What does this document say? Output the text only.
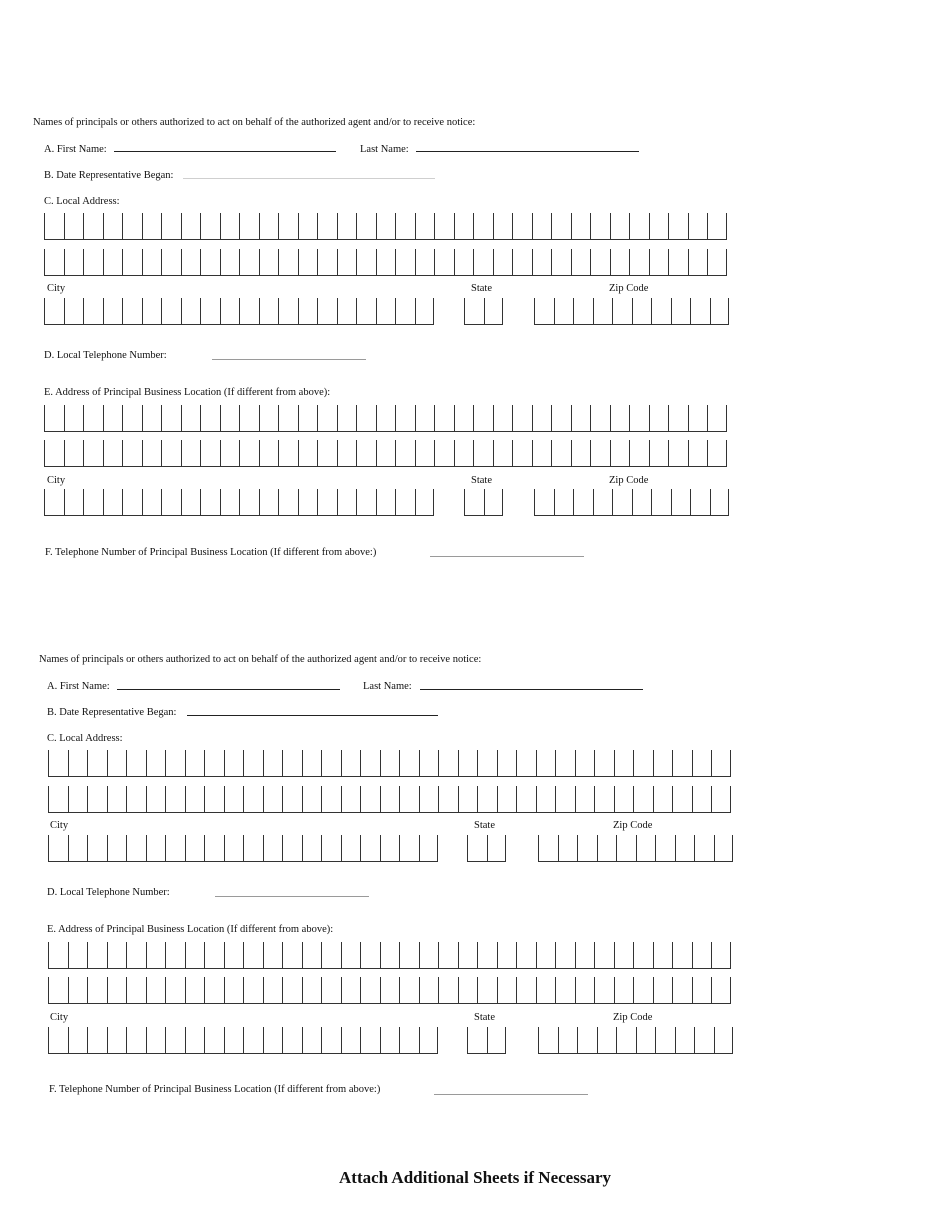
Names of principals or others authorized to act on behalf of the authorized agent and/or to receive notice:
A. First Name:	Last Name:
B. Date Representative Began:
C. Local Address:
City	State	Zip Code
D. Local Telephone Number:
E. Address of Principal Business Location (If different from above):
City	State	Zip Code
F. Telephone Number of Principal Business Location (If different from above:)
Names of principals or others authorized to act on behalf of the authorized agent and/or to receive notice:
A. First Name:	Last Name:
B. Date Representative Began:
C. Local Address:
City	State	Zip Code
D. Local Telephone Number:
E. Address of Principal Business Location (If different from above):
City	State	Zip Code
F. Telephone Number of Principal Business Location (If different from above:)
Attach Additional Sheets if Necessary
